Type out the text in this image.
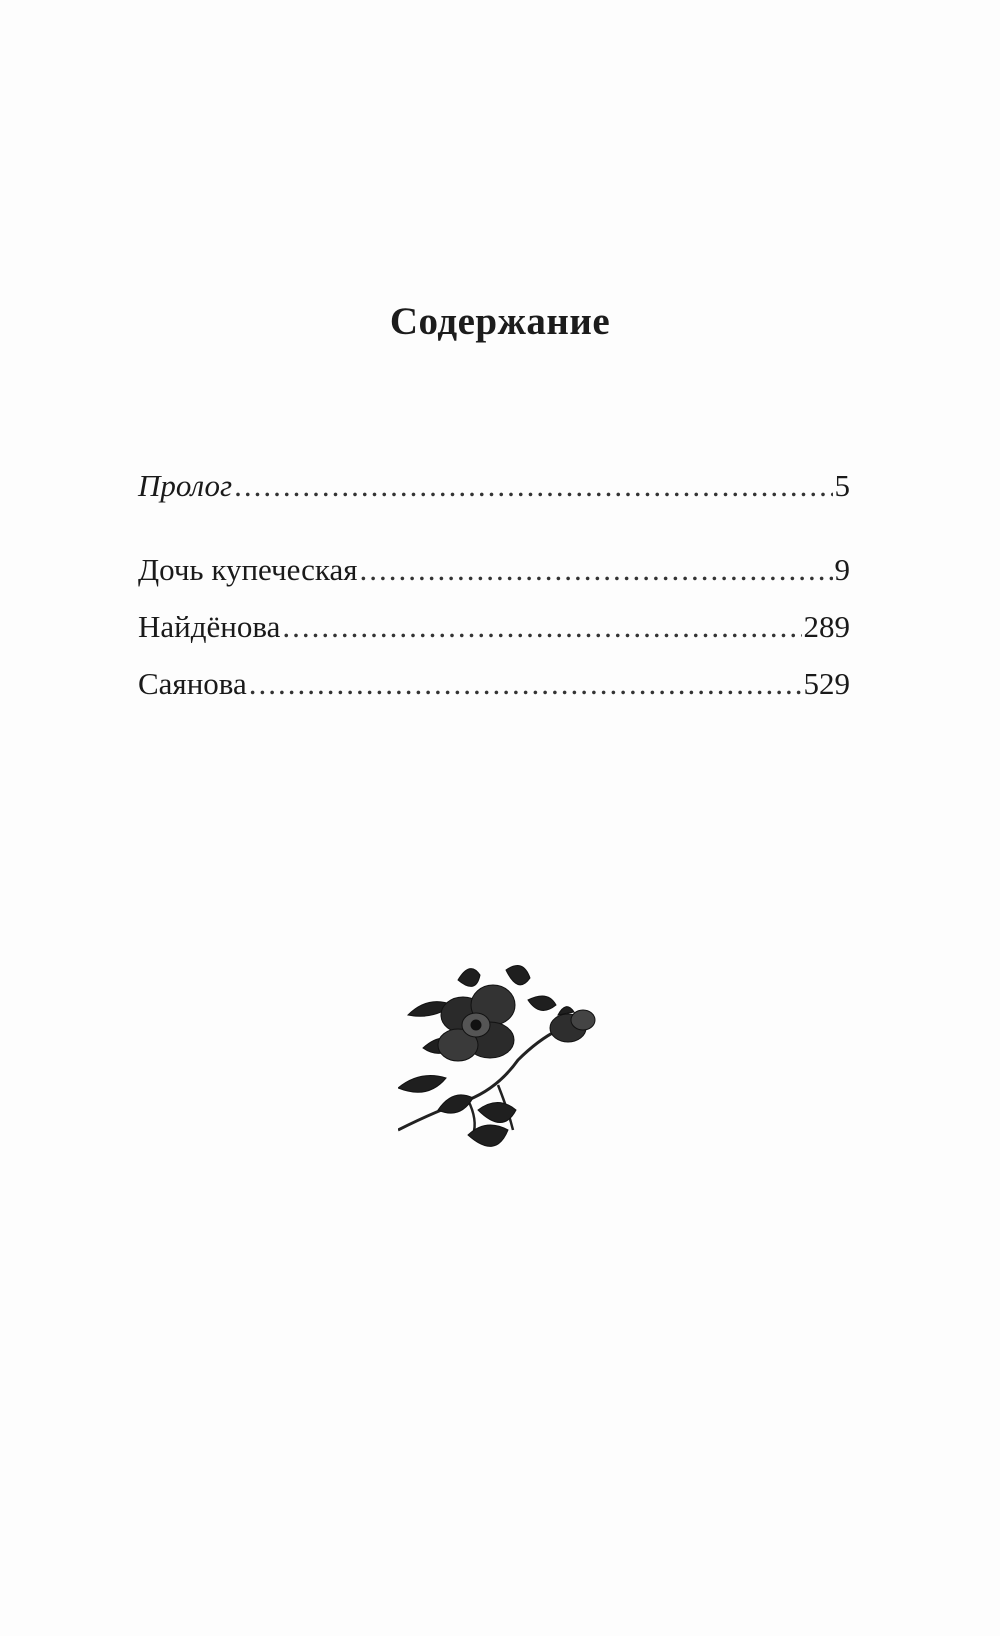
Содержание
Пролог .....	5
Дочь купеческая .....	9
Найдёнова .....	289
Саянова .....	529
